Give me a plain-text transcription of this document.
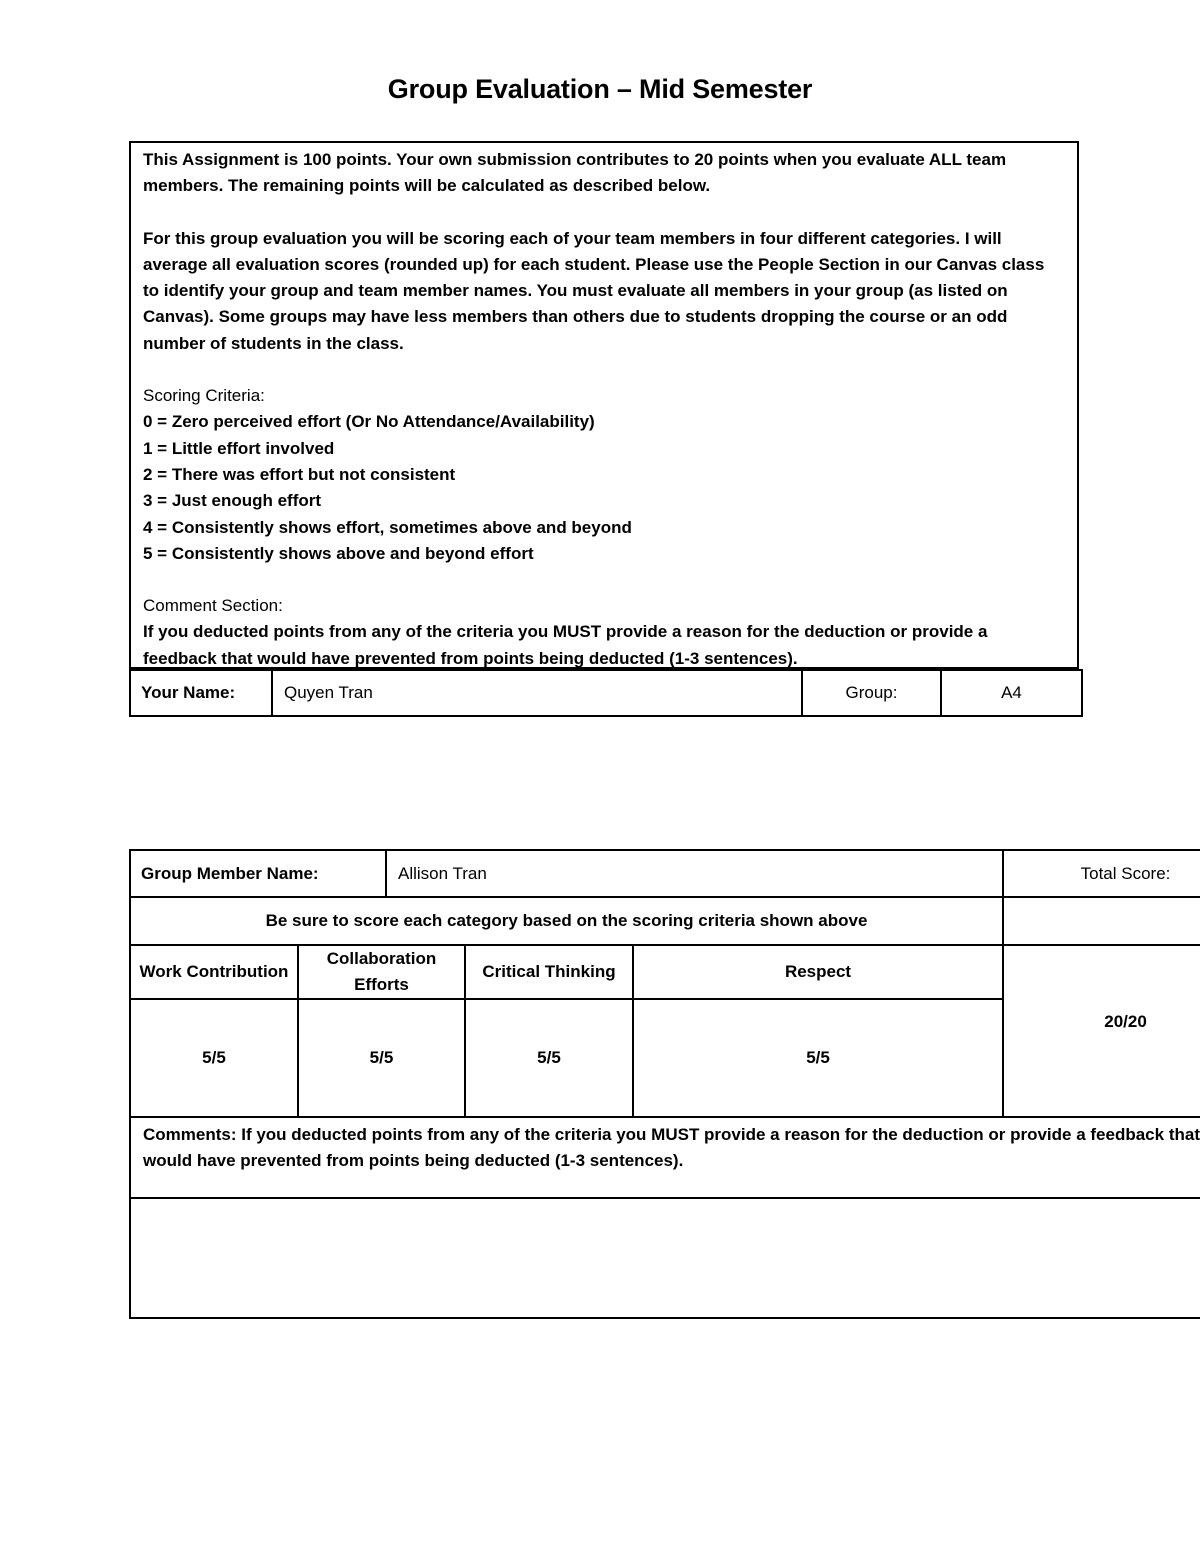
Group Evaluation – Mid Semester

This Assignment is 100 points. Your own submission contributes to 20 points when you evaluate ALL team members. The remaining points will be calculated as described below.

For this group evaluation you will be scoring each of your team members in four different categories. I will average all evaluation scores (rounded up) for each student. Please use the People Section in our Canvas class to identify your group and team member names. You must evaluate all members in your group (as listed on Canvas). Some groups may have less members than others due to students dropping the course or an odd number of students in the class.

Scoring Criteria:

0 = Zero perceived effort (Or No Attendance/Availability)

1 = Little effort involved

2 = There was effort but not consistent

3 = Just enough effort

4 = Consistently shows effort, sometimes above and beyond

5 = Consistently shows above and beyond effort

Comment Section:

If you deducted points from any of the criteria you MUST provide a reason for the deduction or provide a feedback that would have prevented from points being deducted (1-3 sentences).

Your Name:	Quyen Tran	Group:	A4
Group Member Name:		Allison Tran			Total Score:
Be sure to score each category based on the scoring criteria shown above					
Work Contribution	Collaboration Efforts		Critical Thinking	Respect	20/20
5/5	5/5		5/5	5/5	
Comments: If you deducted points from any of the criteria you MUST provide a reason for the deduction or provide a feedback that would have prevented from points being deducted (1-3 sentences).					
